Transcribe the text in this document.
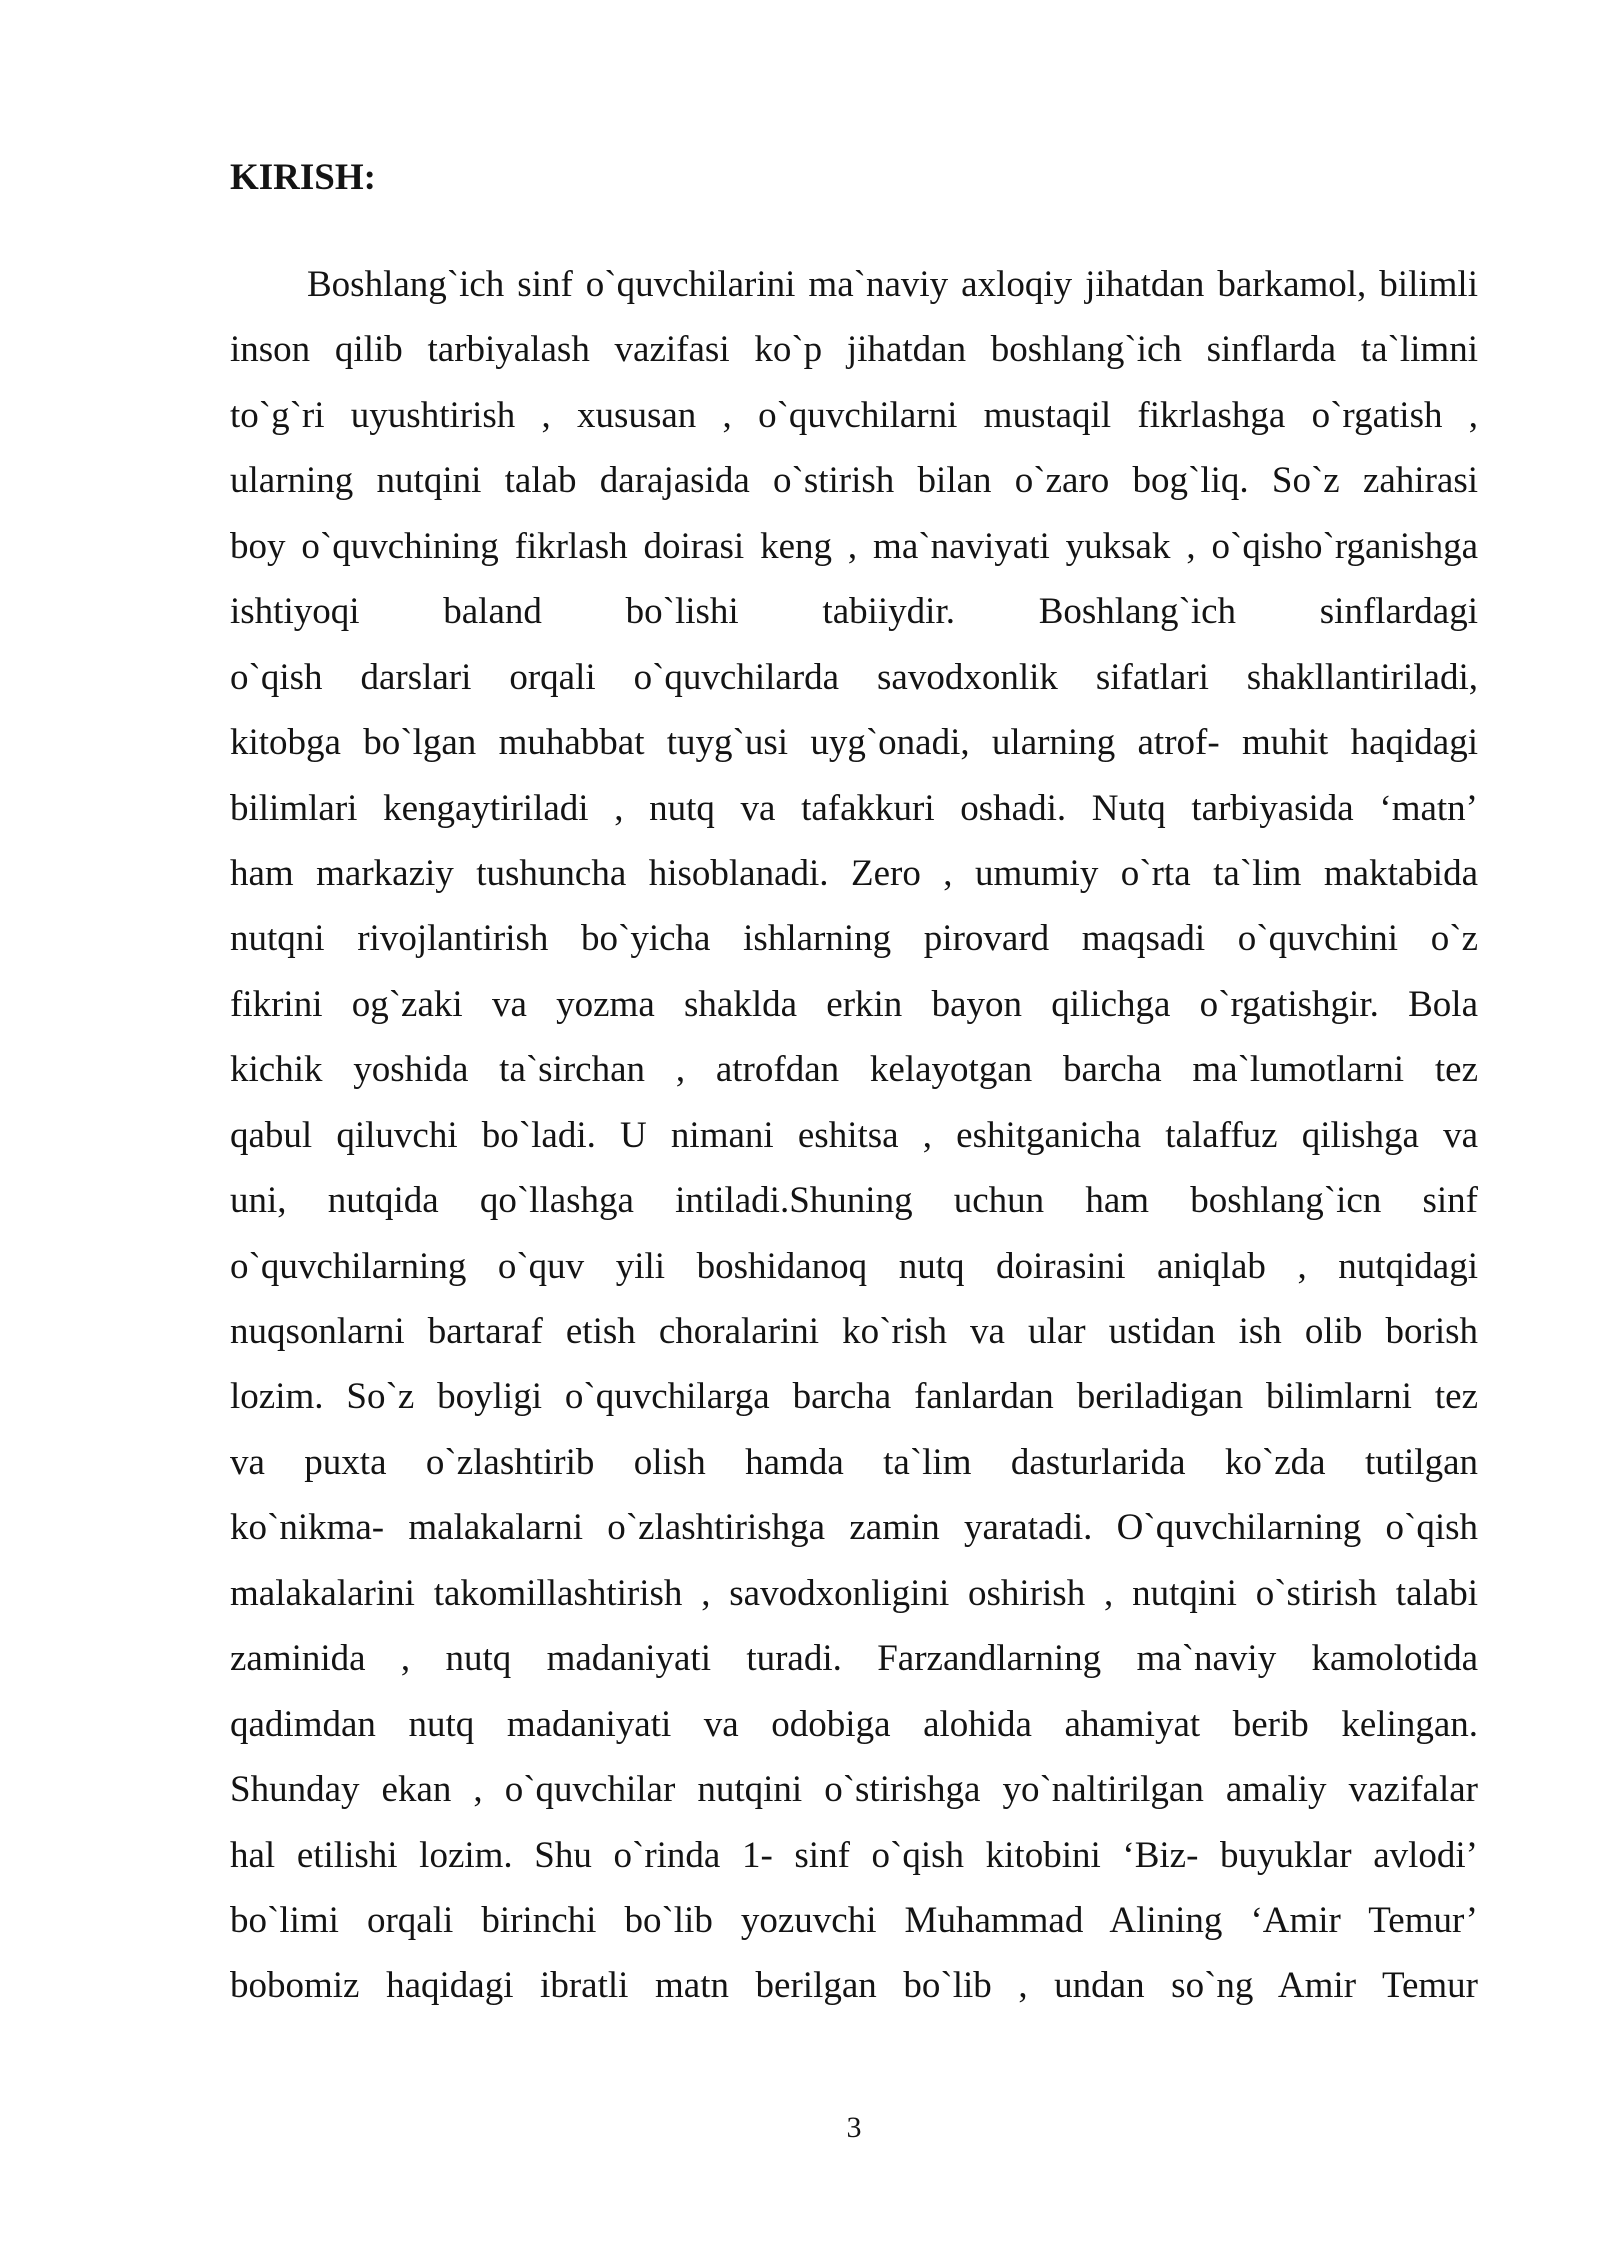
KIRISH:
Boshlang`ich sinf o`quvchilarini ma`naviy axloqiy jihatdan barkamol, bilimli
inson qilib tarbiyalash vazifasi ko`p jihatdan boshlang`ich sinflarda ta`limni
to`g`ri uyushtirish , xususan , o`quvchilarni mustaqil fikrlashga o`rgatish ,
ularning nutqini talab darajasida o`stirish bilan o`zaro bog`liq. So`z zahirasi
boy o`quvchining fikrlash doirasi keng , ma`naviyati yuksak , o`qisho`rganishga
ishtiyoqi baland bo`lishi tabiiydir. Boshlang`ich sinflardagi
o`qish darslari orqali o`quvchilarda savodxonlik sifatlari shakllantiriladi,
kitobga bo`lgan muhabbat tuyg`usi uyg`onadi, ularning atrof- muhit haqidagi
bilimlari kengaytiriladi , nutq va tafakkuri oshadi. Nutq tarbiyasida ‘matn’
ham markaziy tushuncha hisoblanadi. Zero , umumiy o`rta ta`lim maktabida
nutqni rivojlantirish bo`yicha ishlarning pirovard maqsadi o`quvchini o`z
fikrini og`zaki va yozma shaklda erkin bayon qilichga o`rgatishgir. Bola
kichik yoshida ta`sirchan , atrofdan kelayotgan barcha ma`lumotlarni tez
qabul qiluvchi bo`ladi. U nimani eshitsa , eshitganicha talaffuz qilishga va
uni, nutqida qo`llashga intiladi.Shuning uchun ham boshlang`icn sinf
o`quvchilarning o`quv yili boshidanoq nutq doirasini aniqlab , nutqidagi
nuqsonlarni bartaraf etish choralarini ko`rish va ular ustidan ish olib borish
lozim. So`z boyligi o`quvchilarga barcha fanlardan beriladigan bilimlarni tez
va puxta o`zlashtirib olish hamda ta`lim dasturlarida ko`zda tutilgan
ko`nikma- malakalarni o`zlashtirishga zamin yaratadi. O`quvchilarning o`qish
malakalarini takomillashtirish , savodxonligini oshirish , nutqini o`stirish talabi
zaminida , nutq madaniyati turadi. Farzandlarning ma`naviy kamolotida
qadimdan nutq madaniyati va odobiga alohida ahamiyat berib kelingan.
Shunday ekan , o`quvchilar nutqini o`stirishga yo`naltirilgan amaliy vazifalar
hal etilishi lozim. Shu o`rinda 1- sinf o`qish kitobini ‘Biz- buyuklar avlodi’
bo`limi orqali birinchi bo`lib yozuvchi Muhammad Alining ‘Amir Temur’
bobomiz haqidagi ibratli matn berilgan bo`lib , undan so`ng Amir Temur
3
